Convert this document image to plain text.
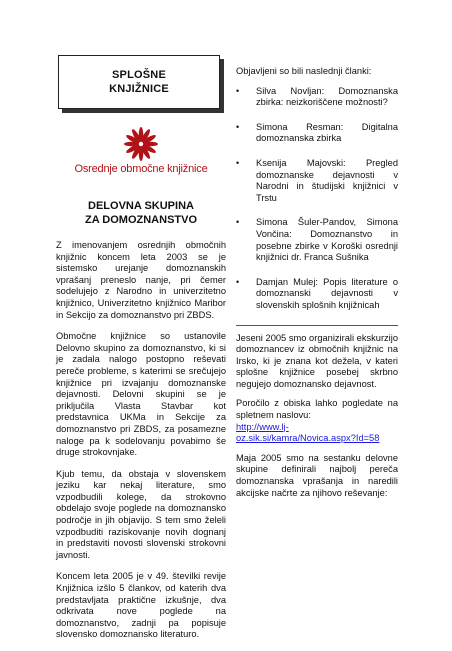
SPLOŠNE
KNJIŽNICE
Osrednje območne knjižnice
DELOVNA SKUPINA
ZA DOMOZNANSTVO

Z imenovanjem osrednjih območnih knjižnic koncem leta 2003 se je sistemsko urejanje domoznanskih vprašanj preneslo nanje, pri čemer sodelujejo z Narodno in univerzitetno knjižnico, Univerzitetno knjižnico Maribor in Sekcijo za domoznanstvo pri ZBDS.

Območne knjižnice so ustanovile Delovno skupino za domoznanstvo, ki si je zadala nalogo postopno reševati pereče probleme, s katerimi se srečujejo knjižnice pri izvajanju domoznanske dejavnosti. Delovni skupini se je priključila Vlasta Stavbar kot predstavnica UKMa in Sekcije za domoznanstvo pri ZBDS, za posamezne naloge pa k sodelovanju povabimo še druge strokovnjake.

Kjub temu, da obstaja v slovenskem jeziku kar nekaj literature, smo vzpodbudili kolege, da strokovno obdelajo svoje poglede na domoznansko področje in jih objavijo. S tem smo želeli vzpodbuditi raziskovanje novih dognanj in predstaviti novosti slovenski strokovni javnosti.

Koncem leta 2005 je v 49. številki revije Knjižnica izšlo 5 člankov, od katerih dva predstavljata praktične izkušnje, dva odkrivata nove poglede na domoznanstvo, zadnji pa popisuje slovensko domoznansko literaturo.

Objavljeni so bili naslednji članki:

• Silva Novljan: Domoznanska zbirka: neizkoriščene možnosti?
• Simona Resman: Digitalna domoznanska zbirka
• Ksenija Majovski: Pregled domoznanske dejavnosti v Narodni in študijski knjižnici v Trstu
• Simona Šuler-Pandov, Simona Vončina: Domoznanstvo in posebne zbirke v Koroški osrednji knjižnici dr. Franca Sušnika
• Damjan Mulej: Popis literature o domoznanski dejavnosti v slovenskih splošnih knjižnicah

Jeseni 2005 smo organizirali ekskurzijo domoznancev iz območnih knjižnic na Irsko, ki je znana kot dežela, v kateri splošne knjižnice posebej skrbno negujejo domoznansko dejavnost.

Poročilo z obiska lahko pogledate na spletnem naslovu:
http://www.lj-oz.sik.si/kamra/Novica.aspx?Id=58

Maja 2005 smo na sestanku delovne skupine definirali najbolj pereča domoznanska vprašanja in naredili akcijske načrte za njihovo reševanje:
